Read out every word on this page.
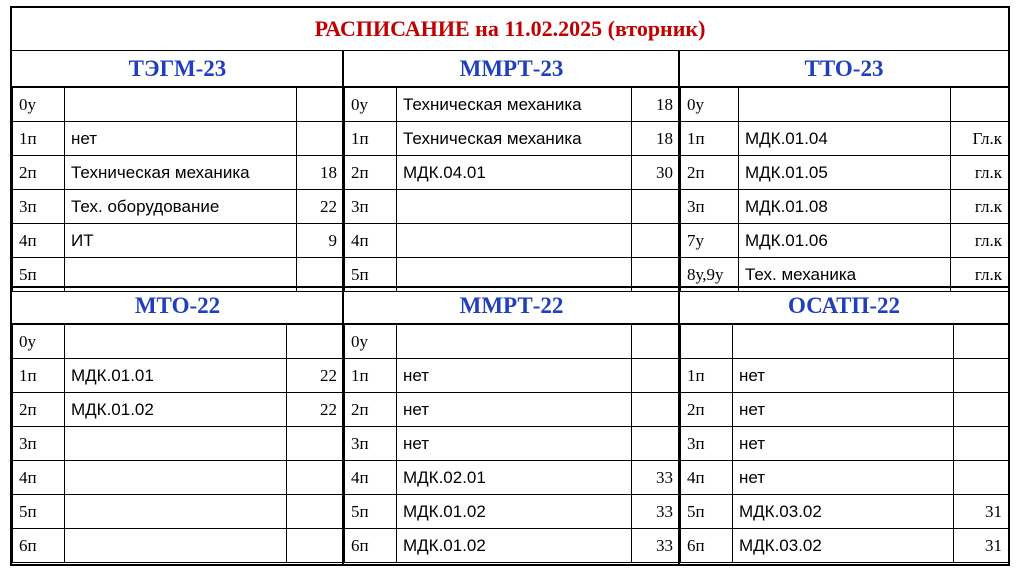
РАСПИСАНИЕ на 11.02.2025 (вторник)
ТЭГМ-23
0у		
1п	нет	
2п	Техническая механика	18
3п	Тех. оборудование	22
4п	ИТ	9
5п		
ММРТ-23
0у	Техническая механика	18
1п	Техническая механика	18
2п	МДК.04.01	30
3п		
4п		
5п		
ТТО-23
0у		
1п	МДК.01.04	Гл.к
2п	МДК.01.05	гл.к
3п	МДК.01.08	гл.к
7у	МДК.01.06	гл.к
8у,9у	Тех. механика	гл.к
МТО-22
0у		
1п	МДК.01.01	22
2п	МДК.01.02	22
3п		
4п		
5п		
6п		
ММРТ-22
0у		
1п	нет	
2п	нет	
3п	нет	
4п	МДК.02.01	33
5п	МДК.01.02	33
6п	МДК.01.02	33
ОСАТП-22

1п	нет	
2п	нет	
3п	нет	
4п	нет	
5п	МДК.03.02	31
6п	МДК.03.02	31
